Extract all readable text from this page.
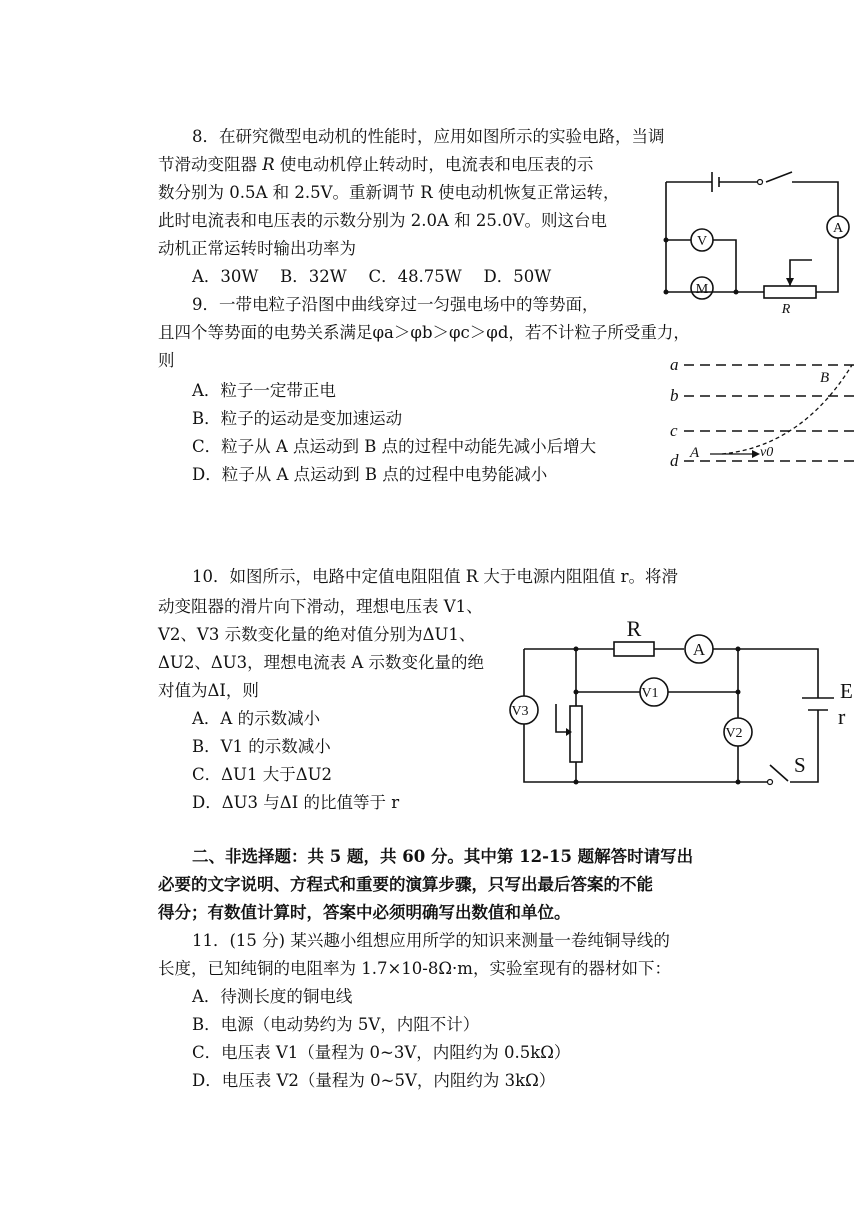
8．在研究微型电动机的性能时，应用如图所示的实验电路，当调
节滑动变阻器 R 使电动机停止转动时，电流表和电压表的示
数分别为 0.5A 和 2.5V。重新调节 R 使电动机恢复正常运转，
此时电流表和电压表的示数分别为 2.0A 和 25.0V。则这台电
动机正常运转时输出功率为
A．30W　 B．32W　 C．48.75W　 D．50W
A
V
M
R
9．一带电粒子沿图中曲线穿过一匀强电场中的等势面，
且四个等势面的电势关系满足φa＞φb＞φc＞φd，若不计粒子所受重力，
则
A．粒子一定带正电
B．粒子的运动是变加速运动
C．粒子从 A 点运动到 B 点的过程中动能先减小后增大
D．粒子从 A 点运动到 B 点的过程中电势能减小
a
b
c
d A
B
v0
10．如图所示，电路中定值电阻阻值 R 大于电源内阻阻值 r。将滑
动变阻器的滑片向下滑动，理想电压表 V1、
V2、V3 示数变化量的绝对值分别为ΔU1、
ΔU2、ΔU3，理想电流表 A 示数变化量的绝
对值为ΔI，则
A．A 的示数减小
B．V1 的示数减小
C．ΔU1 大于ΔU2
D．ΔU3 与ΔI 的比值等于 r
R
A
E
r
S
V1
V2
V3
二、非选择题：共 5 题，共 60 分。其中第 12-15 题解答时请写出
必要的文字说明、方程式和重要的演算步骤，只写出最后答案的不能
得分；有数值计算时，答案中必须明确写出数值和单位。
11．(15 分) 某兴趣小组想应用所学的知识来测量一卷纯铜导线的
长度，已知纯铜的电阻率为 1.7×10-8Ω·m，实验室现有的器材如下：
A．待测长度的铜电线
B．电源（电动势约为 5V，内阻不计）
C．电压表 V1（量程为 0~3V，内阻约为 0.5kΩ）
D．电压表 V2（量程为 0~5V，内阻约为 3kΩ）
